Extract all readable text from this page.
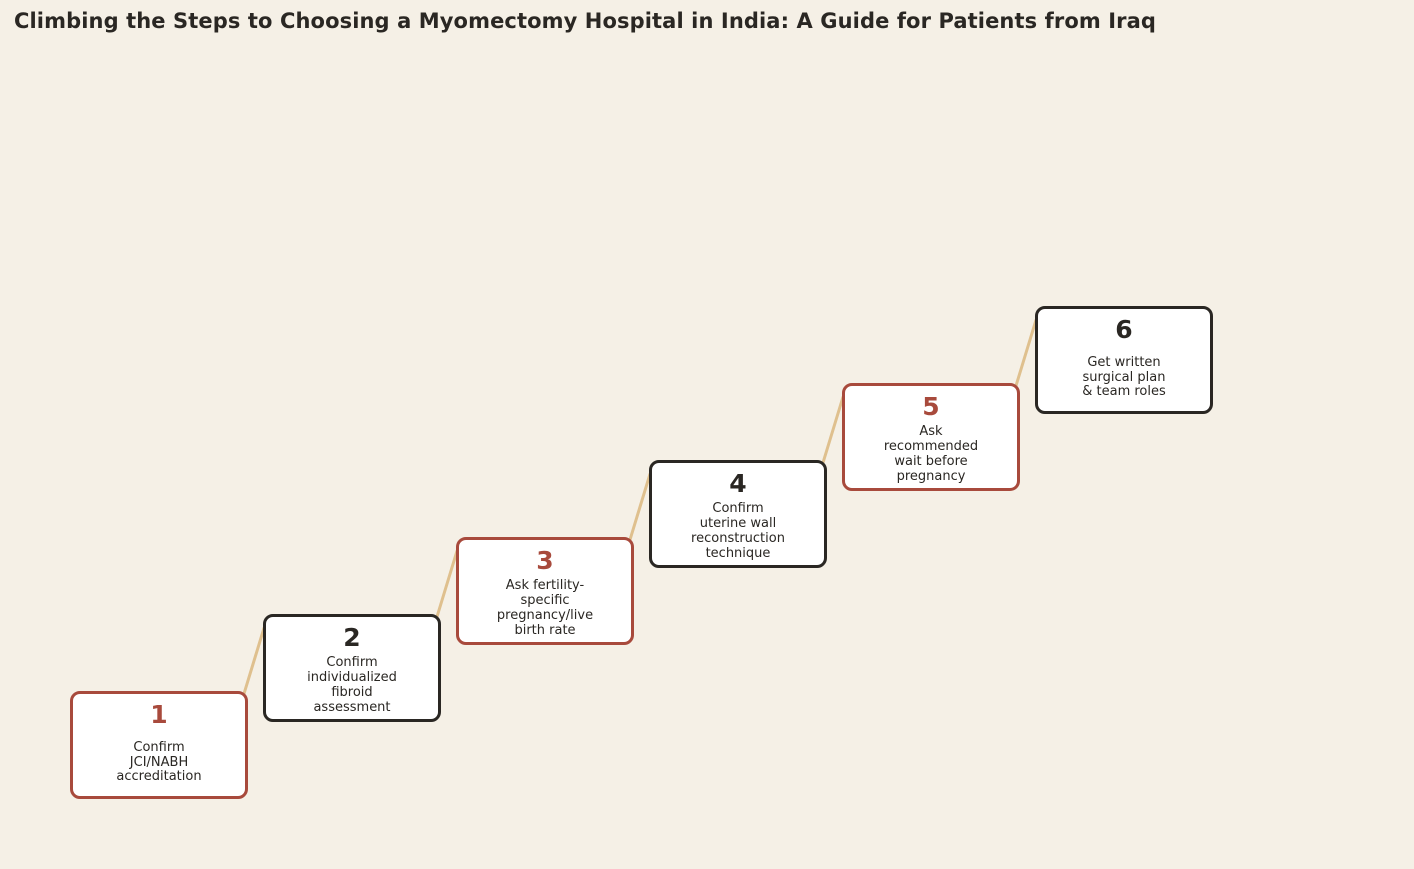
Climbing the Steps to Choosing a Myomectomy Hospital in India: A Guide for Patients from Iraq
1
Confirm
JCI/NABH
accreditation
2
Confirm
individualized
fibroid
assessment
3
Ask fertility-
specific
pregnancy/live
birth rate
4
Confirm
uterine wall
reconstruction
technique
5
Ask
recommended
wait before
pregnancy
6
Get written
surgical plan
& team roles
